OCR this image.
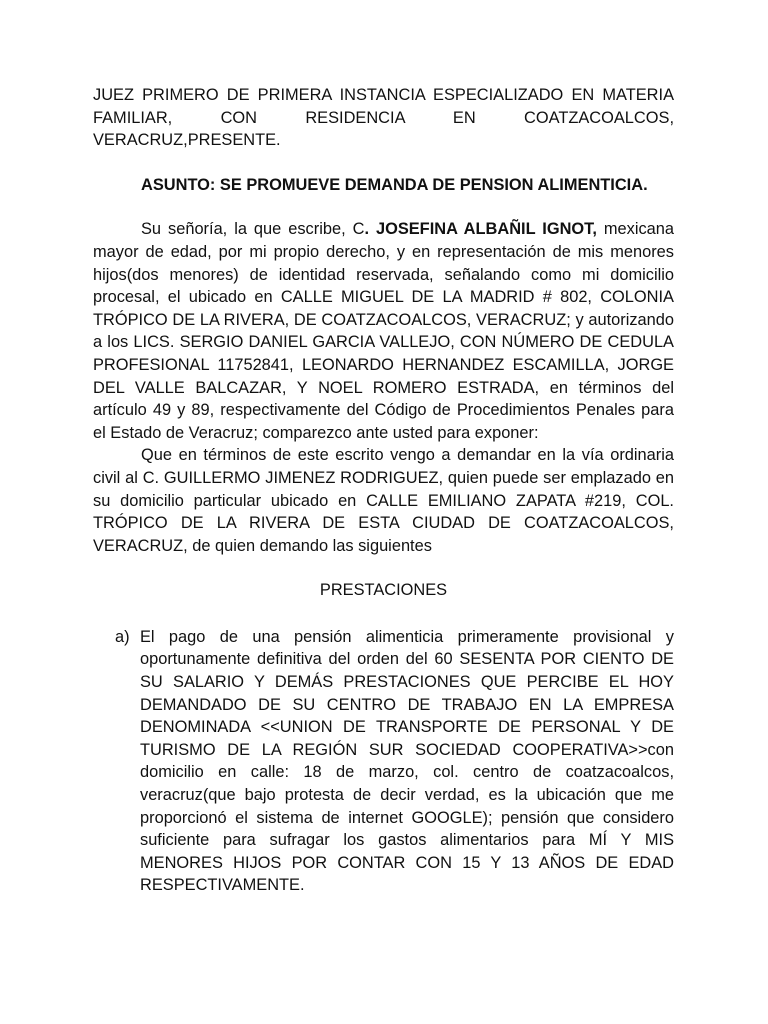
JUEZ PRIMERO DE PRIMERA INSTANCIA ESPECIALIZADO EN MATERIA FAMILIAR, CON RESIDENCIA EN COATZACOALCOS, VERACRUZ,PRESENTE.

ASUNTO: SE PROMUEVE DEMANDA DE PENSION ALIMENTICIA.

Su señoría, la que escribe, C. JOSEFINA ALBAÑIL IGNOT, mexicana mayor de edad, por mi propio derecho, y en representación de mis menores hijos(dos menores) de identidad reservada, señalando como mi domicilio procesal, el ubicado en CALLE MIGUEL DE LA MADRID # 802, COLONIA TRÓPICO DE LA RIVERA, DE COATZACOALCOS, VERACRUZ; y autorizando a los LICS. SERGIO DANIEL GARCIA VALLEJO, CON NÚMERO DE CEDULA PROFESIONAL 11752841, LEONARDO HERNANDEZ ESCAMILLA, JORGE DEL VALLE BALCAZAR, Y NOEL ROMERO ESTRADA, en términos del artículo 49 y 89, respectivamente del Código de Procedimientos Penales para el Estado de Veracruz; comparezco ante usted para exponer:

Que en términos de este escrito vengo a demandar en la vía ordinaria civil al C. GUILLERMO JIMENEZ RODRIGUEZ, quien puede ser emplazado en su domicilio particular ubicado en CALLE EMILIANO ZAPATA #219, COL. TRÓPICO DE LA RIVERA DE ESTA CIUDAD DE COATZACOALCOS, VERACRUZ, de quien demando las siguientes

PRESTACIONES

a) El pago de una pensión alimenticia primeramente provisional y oportunamente definitiva del orden del 60 SESENTA POR CIENTO DE SU SALARIO Y DEMÁS PRESTACIONES QUE PERCIBE EL HOY DEMANDADO DE SU CENTRO DE TRABAJO EN LA EMPRESA DENOMINADA <<UNION DE TRANSPORTE DE PERSONAL Y DE TURISMO DE LA REGIÓN SUR SOCIEDAD COOPERATIVA>>con domicilio en calle: 18 de marzo, col. centro de coatzacoalcos, veracruz(que bajo protesta de decir verdad, es la ubicación que me proporcionó el sistema de internet GOOGLE); pensión que considero suficiente para sufragar los gastos alimentarios para MÍ Y MIS MENORES HIJOS POR CONTAR CON 15 Y 13 AÑOS DE EDAD RESPECTIVAMENTE.
